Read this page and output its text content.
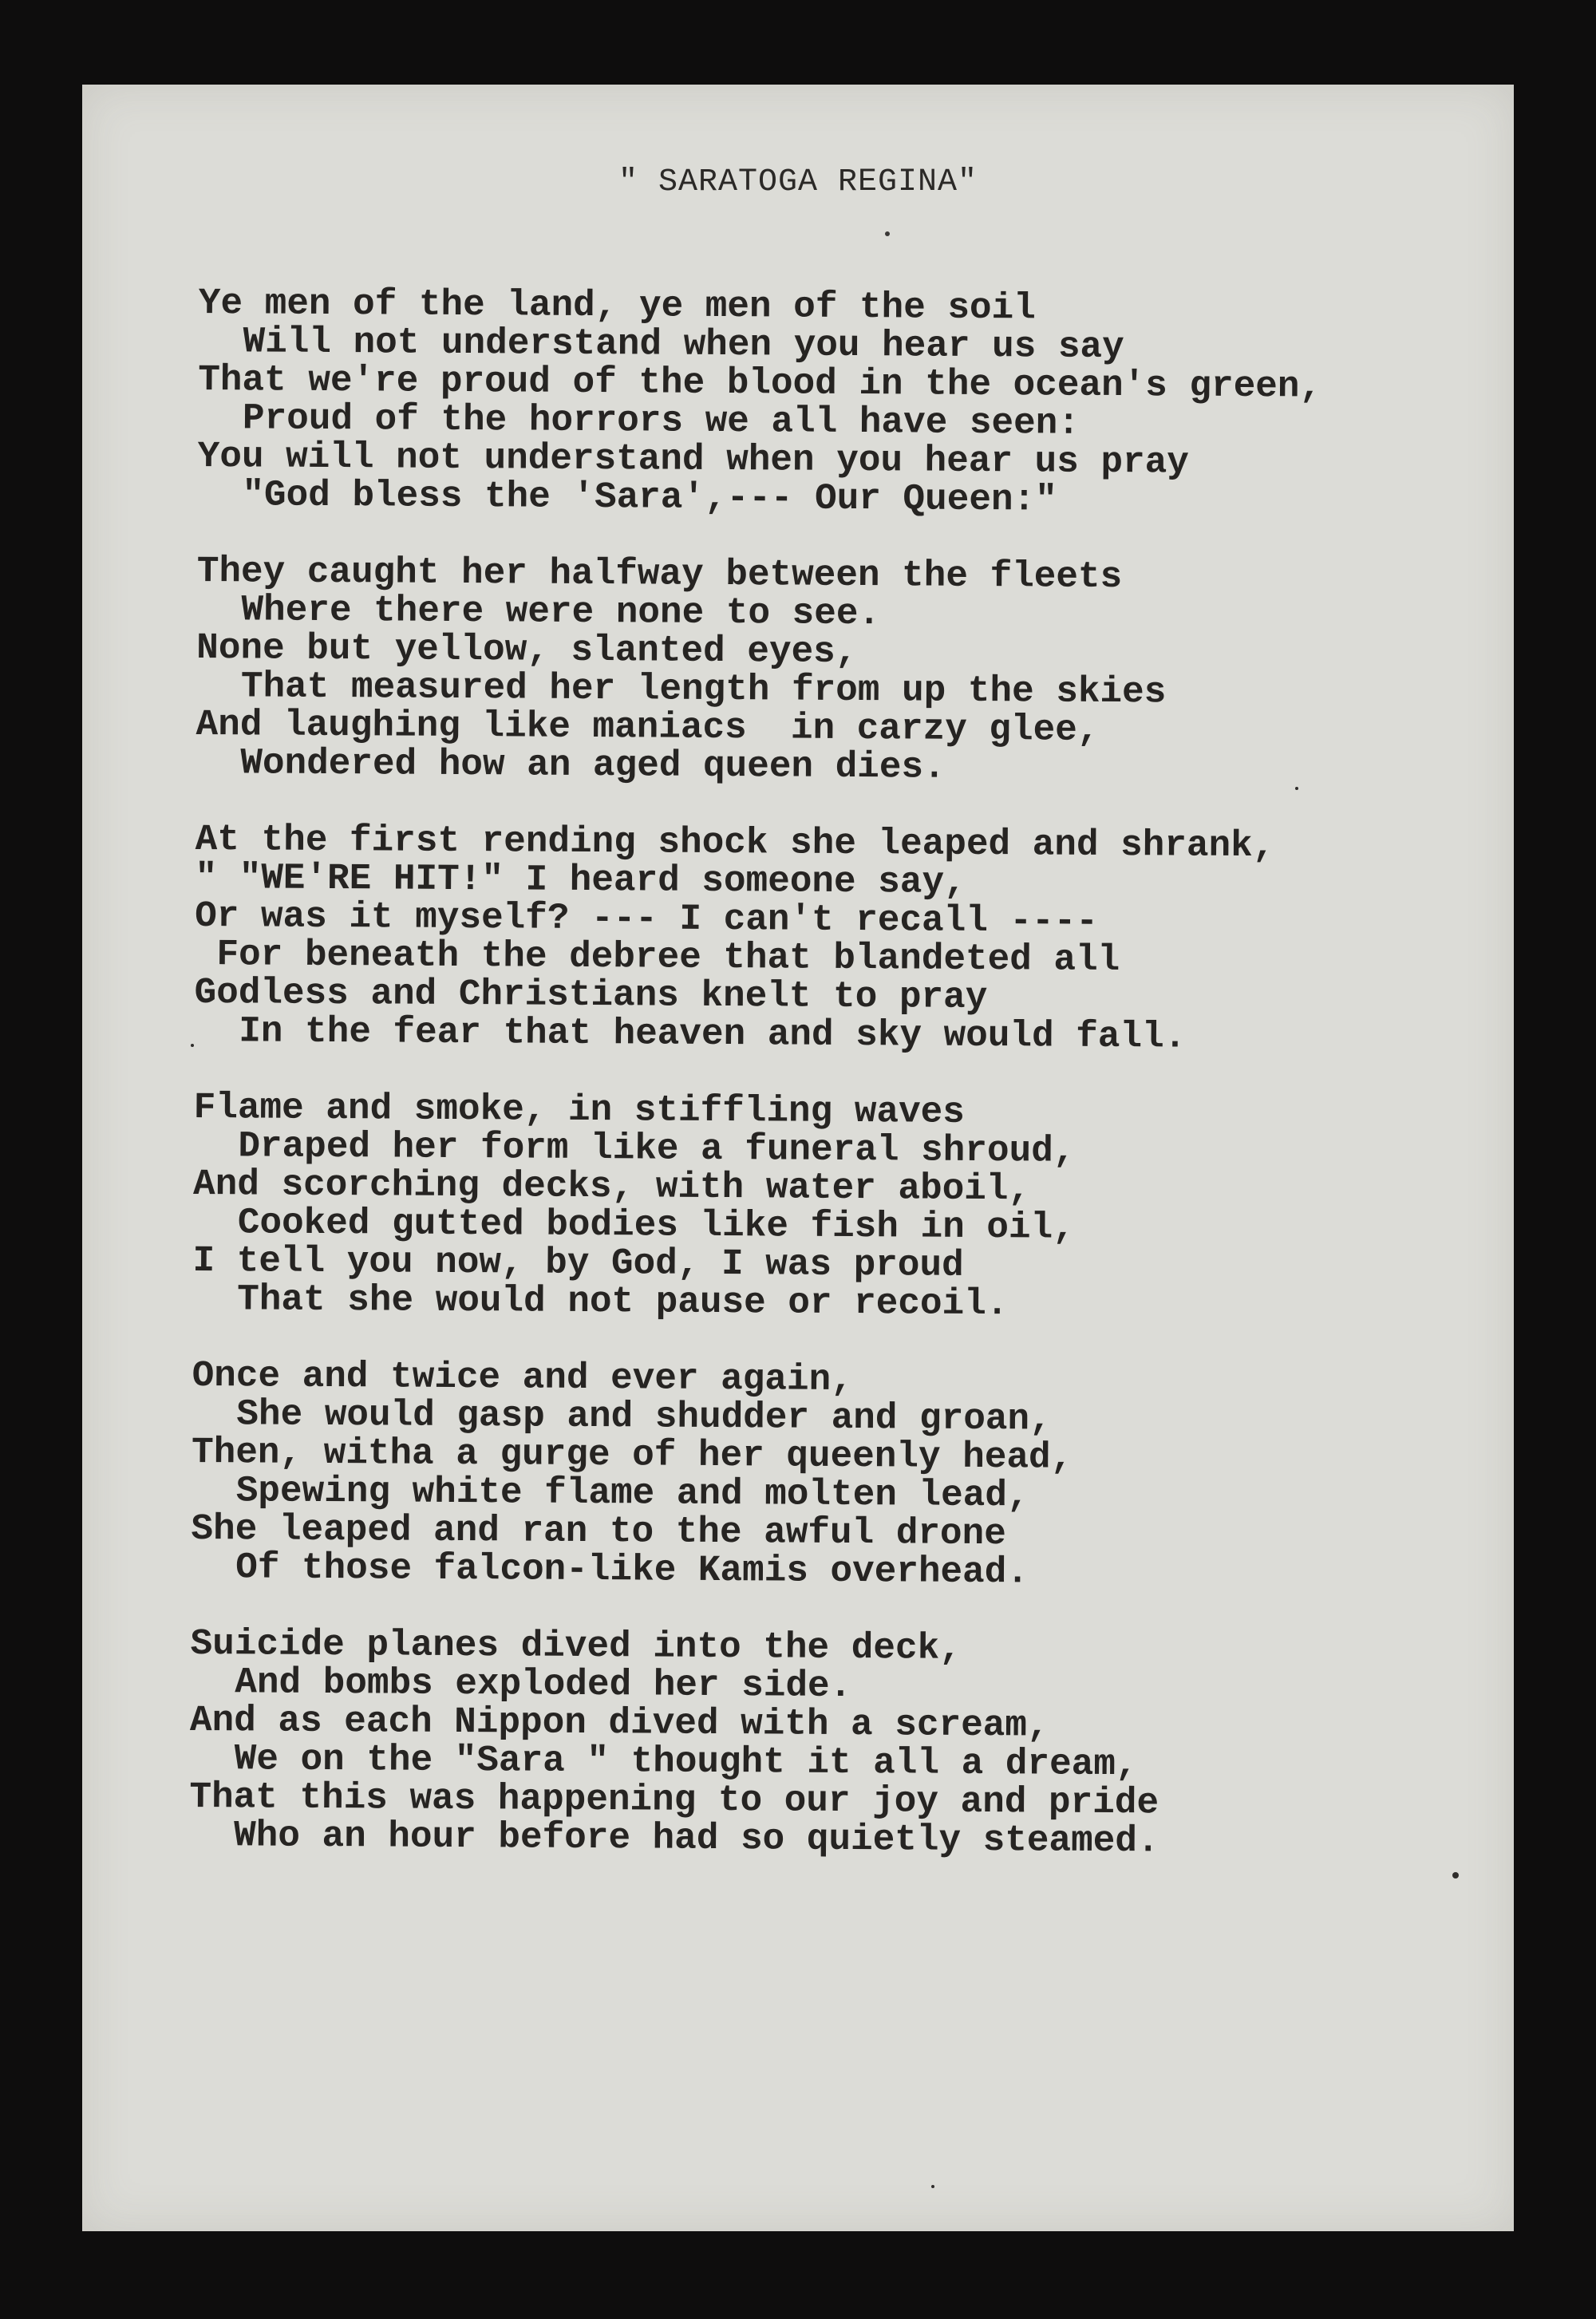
" SARATOGA REGINA"
Ye men of the land, ye men of the soil
Will not understand when you hear us say
That we're proud of the blood in the ocean's green,
Proud of the horrors we all have seen:
You will not understand when you hear us pray
"God bless the 'Sara',--- Our Queen:"
They caught her halfway between the fleets
Where there were none to see.
None but yellow, slanted eyes,
That measured her length from up the skies
And laughing like maniacs  in carzy glee,
Wondered how an aged queen dies.
At the first rending shock she leaped and shrank,
" "WE'RE HIT!" I heard someone say,
Or was it myself? --- I can't recall ----
For beneath the debree that blandeted all
Godless and Christians knelt to pray
In the fear that heaven and sky would fall.
Flame and smoke, in stiffling waves
Draped her form like a funeral shroud,
And scorching decks, with water aboil,
Cooked gutted bodies like fish in oil,
I tell you now, by God, I was proud
That she would not pause or recoil.
Once and twice and ever again,
She would gasp and shudder and groan,
Then, witha a gurge of her queenly head,
Spewing white flame and molten lead,
She leaped and ran to the awful drone
Of those falcon-like Kamis overhead.
Suicide planes dived into the deck,
And bombs exploded her side.
And as each Nippon dived with a scream,
We on the "Sara " thought it all a dream,
That this was happening to our joy and pride
Who an hour before had so quietly steamed.
